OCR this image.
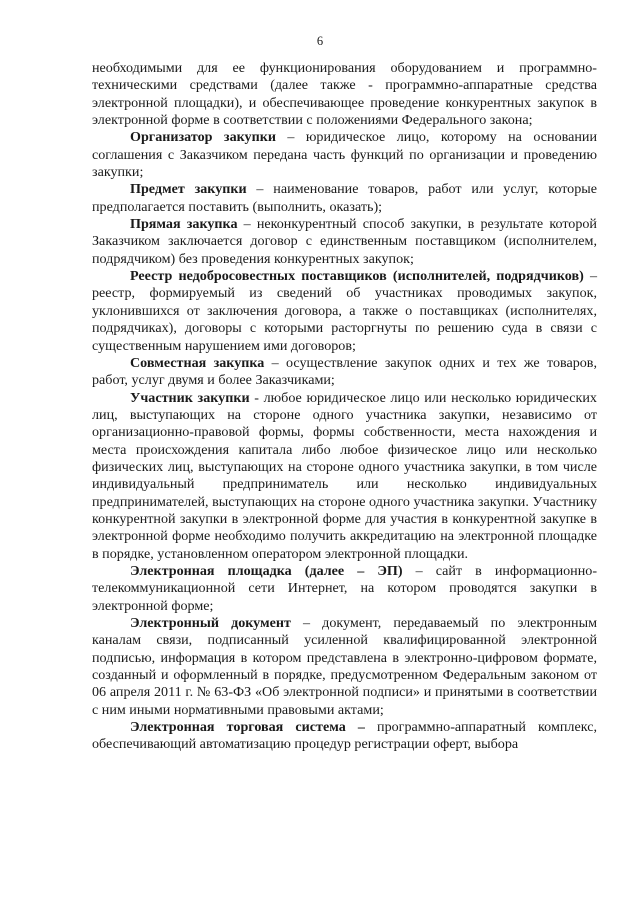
6

необходимыми для ее функционирования оборудованием и программно-техническими средствами (далее также - программно-аппаратные средства электронной площадки), и обеспечивающее проведение конкурентных закупок в электронной форме в соответствии с положениями Федерального закона;

Организатор закупки – юридическое лицо, которому на основании соглашения с Заказчиком передана часть функций по организации и проведению закупки;

Предмет закупки – наименование товаров, работ или услуг, которые предполагается поставить (выполнить, оказать);

Прямая закупка – неконкурентный способ закупки, в результате которой Заказчиком заключается договор с единственным поставщиком (исполнителем, подрядчиком) без проведения конкурентных закупок;

Реестр недобросовестных поставщиков (исполнителей, подрядчиков) – реестр, формируемый из сведений об участниках проводимых закупок, уклонившихся от заключения договора, а также о поставщиках (исполнителях, подрядчиках), договоры с которыми расторгнуты по решению суда в связи с существенным нарушением ими договоров;

Совместная закупка – осуществление закупок одних и тех же товаров, работ, услуг двумя и более Заказчиками;

Участник закупки - любое юридическое лицо или несколько юридических лиц, выступающих на стороне одного участника закупки, независимо от организационно-правовой формы, формы собственности, места нахождения и места происхождения капитала либо любое физическое лицо или несколько физических лиц, выступающих на стороне одного участника закупки, в том числе индивидуальный предприниматель или несколько индивидуальных предпринимателей, выступающих на стороне одного участника закупки. Участнику конкурентной закупки в электронной форме для участия в конкурентной закупке в электронной форме необходимо получить аккредитацию на электронной площадке в порядке, установленном оператором электронной площадки.

Электронная площадка (далее – ЭП) – сайт в информационно-телекоммуникационной сети Интернет, на котором проводятся закупки в электронной форме;

Электронный документ – документ, передаваемый по электронным каналам связи, подписанный усиленной квалифицированной электронной подписью, информация в котором представлена в электронно-цифровом формате, созданный и оформленный в порядке, предусмотренном Федеральным законом от 06 апреля 2011 г. № 63-ФЗ «Об электронной подписи» и принятыми в соответствии с ним иными нормативными правовыми актами;

Электронная торговая система – программно-аппаратный комплекс, обеспечивающий автоматизацию процедур регистрации оферт, выбора
